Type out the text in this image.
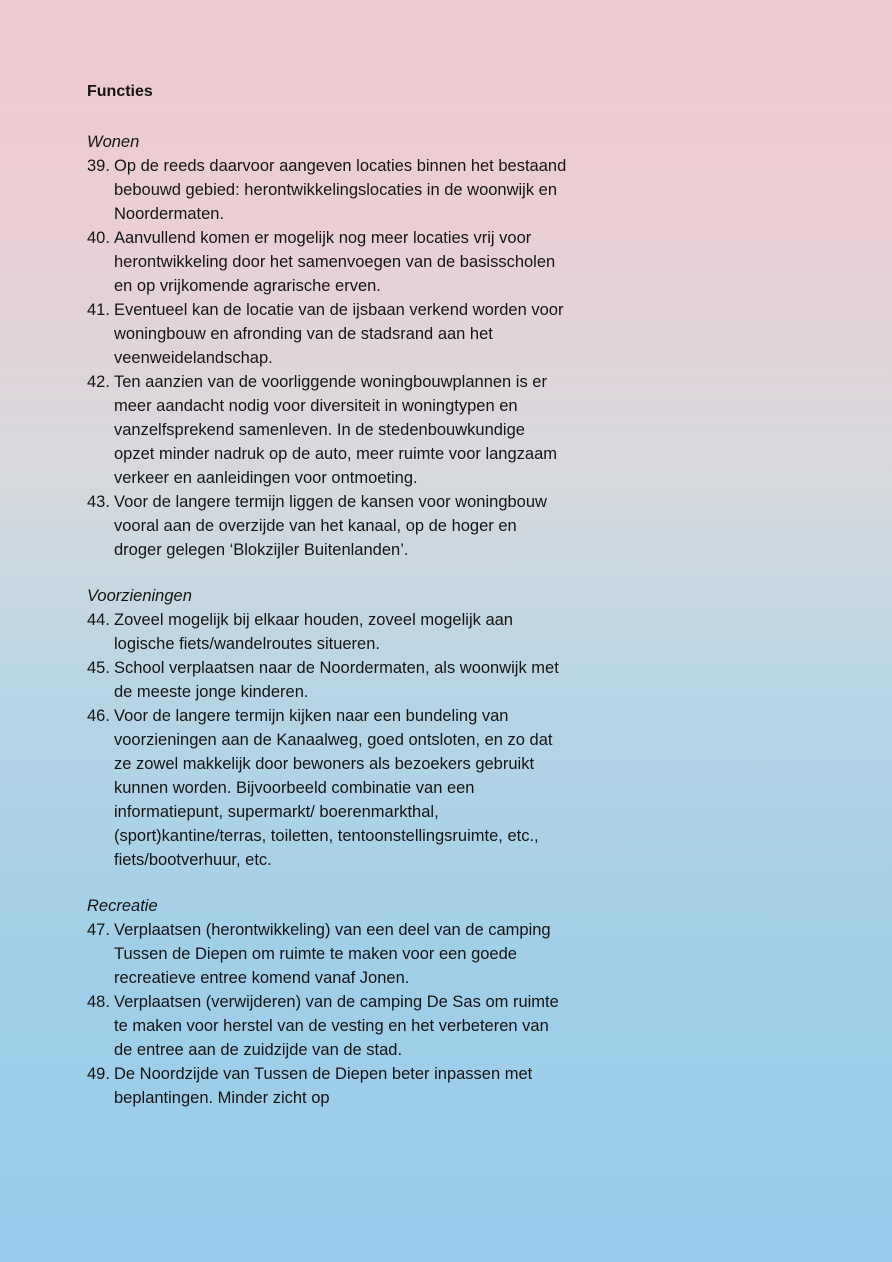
Functies

Wonen

39. Op de reeds daarvoor aangeven locaties binnen het bestaand bebouwd gebied: herontwikkelingslocaties in de woonwijk en Noordermaten.
40. Aanvullend komen er mogelijk nog meer locaties vrij voor herontwikkeling door het samenvoegen van de basisscholen en op vrijkomende agrarische erven.
41. Eventueel kan de locatie van de ijsbaan verkend worden voor woningbouw en afronding van de stadsrand aan het veenweidelandschap.
42. Ten aanzien van de voorliggende woningbouwplannen is er meer aandacht nodig voor diversiteit in woningtypen en vanzelfsprekend samenleven. In de stedenbouwkundige opzet minder nadruk op de auto, meer ruimte voor langzaam verkeer en aanleidingen voor ontmoeting.
43. Voor de langere termijn liggen de kansen voor woningbouw vooral aan de overzijde van het kanaal, op de hoger en droger gelegen ‘Blokzijler Buitenlanden’.

Voorzieningen

44. Zoveel mogelijk bij elkaar houden, zoveel mogelijk aan logische fiets/wandelroutes situeren.
45. School verplaatsen naar de Noordermaten, als woonwijk met de meeste jonge kinderen.
46. Voor de langere termijn kijken naar een bundeling van voorzieningen aan de Kanaalweg, goed ontsloten, en zo dat ze zowel makkelijk door bewoners als bezoekers gebruikt kunnen worden. Bijvoorbeeld combinatie van een informatiepunt, supermarkt/ boerenmarkthal, (sport)kantine/terras, toiletten, tentoonstellingsruimte, etc., fiets/bootverhuur, etc.

Recreatie

47. Verplaatsen (herontwikkeling) van een deel van de camping Tussen de Diepen om ruimte te maken voor een goede recreatieve entree komend vanaf Jonen.
48. Verplaatsen (verwijderen) van de camping De Sas om ruimte te maken voor herstel van de vesting en het verbeteren van de entree aan de zuidzijde van de stad.
49. De Noordzijde van Tussen de Diepen beter inpassen met beplantingen. Minder zicht op
